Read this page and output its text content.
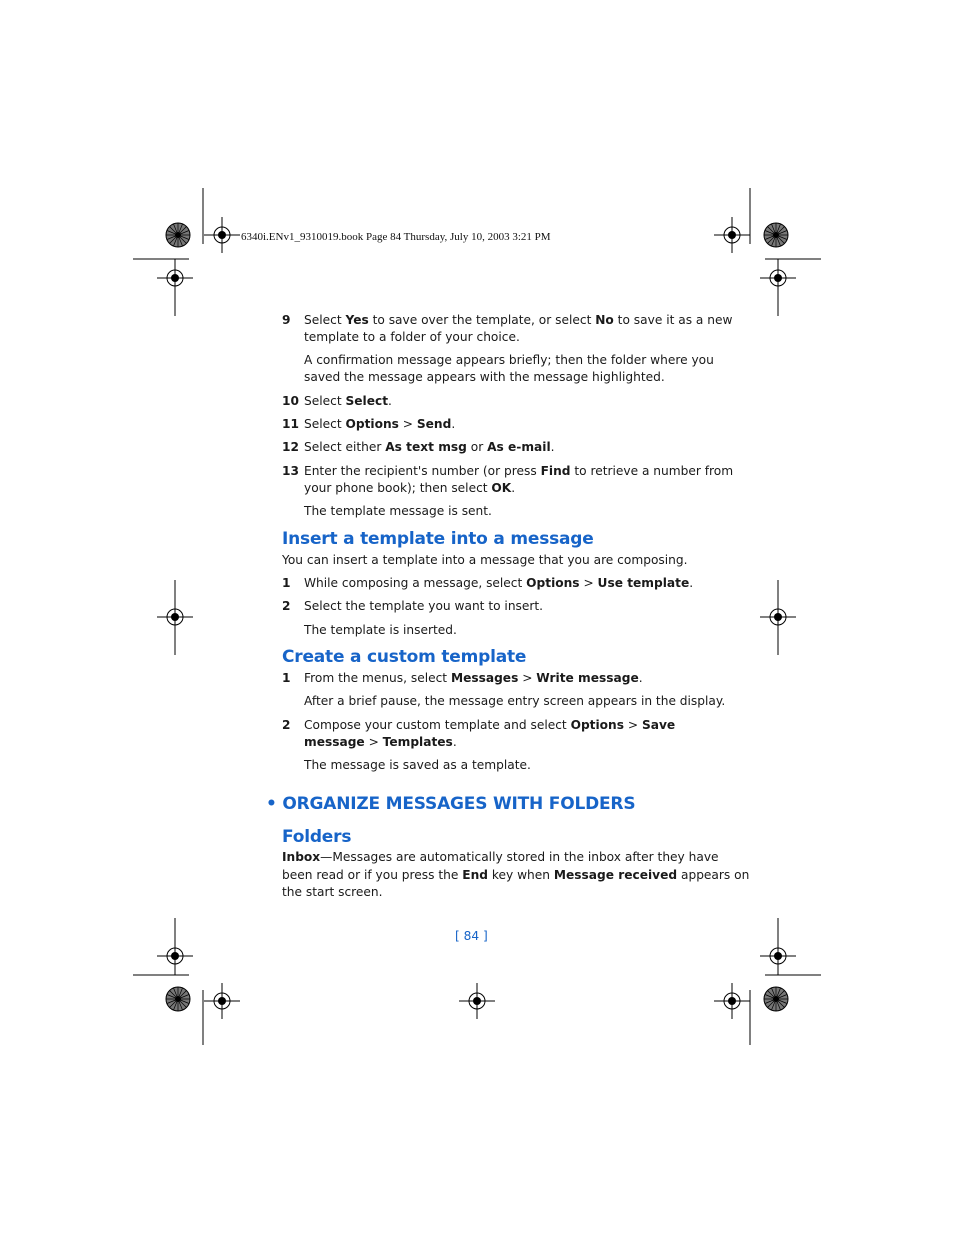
6340i.ENv1_9310019.book Page 84 Thursday, July 10, 2003 3:21 PM
9 Select Yes to save over the template, or select No to save it as a new
template to a folder of your choice.
A confirmation message appears briefly; then the folder where you
saved the message appears with the message highlighted.
10 Select Select.
11 Select Options > Send.
12 Select either As text msg or As e-mail.
13 Enter the recipient's number (or press Find to retrieve a number from
your phone book); then select OK.
The template message is sent.
Insert a template into a message
You can insert a template into a message that you are composing.
1 While composing a message, select Options > Use template.
2 Select the template you want to insert.
The template is inserted.
Create a custom template
1 From the menus, select Messages > Write message.
After a brief pause, the message entry screen appears in the display.
2 Compose your custom template and select Options > Save
message > Templates.
The message is saved as a template.
• ORGANIZE MESSAGES WITH FOLDERS
Folders
Inbox—Messages are automatically stored in the inbox after they have
been read or if you press the End key when Message received appears on
the start screen.
[ 84 ]
